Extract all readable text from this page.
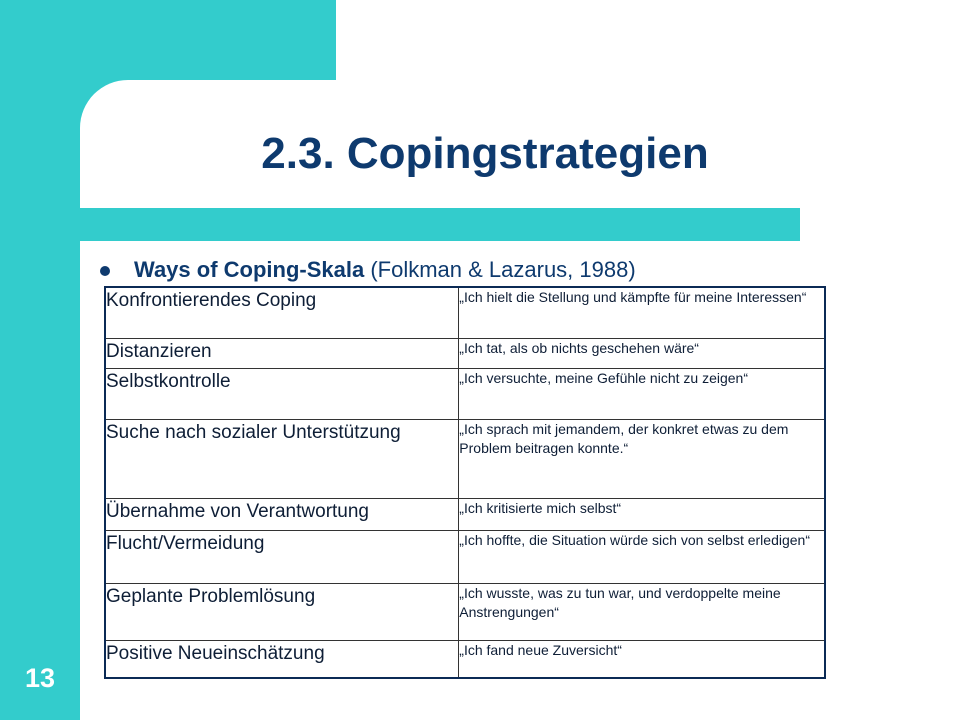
2.3. Copingstrategien
Ways of Coping-Skala (Folkman & Lazarus, 1988)
Konfrontierendes Coping	„Ich hielt die Stellung und kämpfte für meine Interessen“
Distanzieren	„Ich tat, als ob nichts geschehen wäre“
Selbstkontrolle	„Ich versuchte, meine Gefühle nicht zu zeigen“
Suche nach sozialer Unterstützung	„Ich sprach mit jemandem, der konkret etwas zu dem Problem beitragen konnte.“
Übernahme von Verantwortung	„Ich kritisierte mich selbst“
Flucht/Vermeidung	„Ich hoffte, die Situation würde sich von selbst erledigen“
Geplante Problemlösung	„Ich wusste, was zu tun war, und verdoppelte meine Anstrengungen“
Positive Neueinschätzung	„Ich fand neue Zuversicht“
13
